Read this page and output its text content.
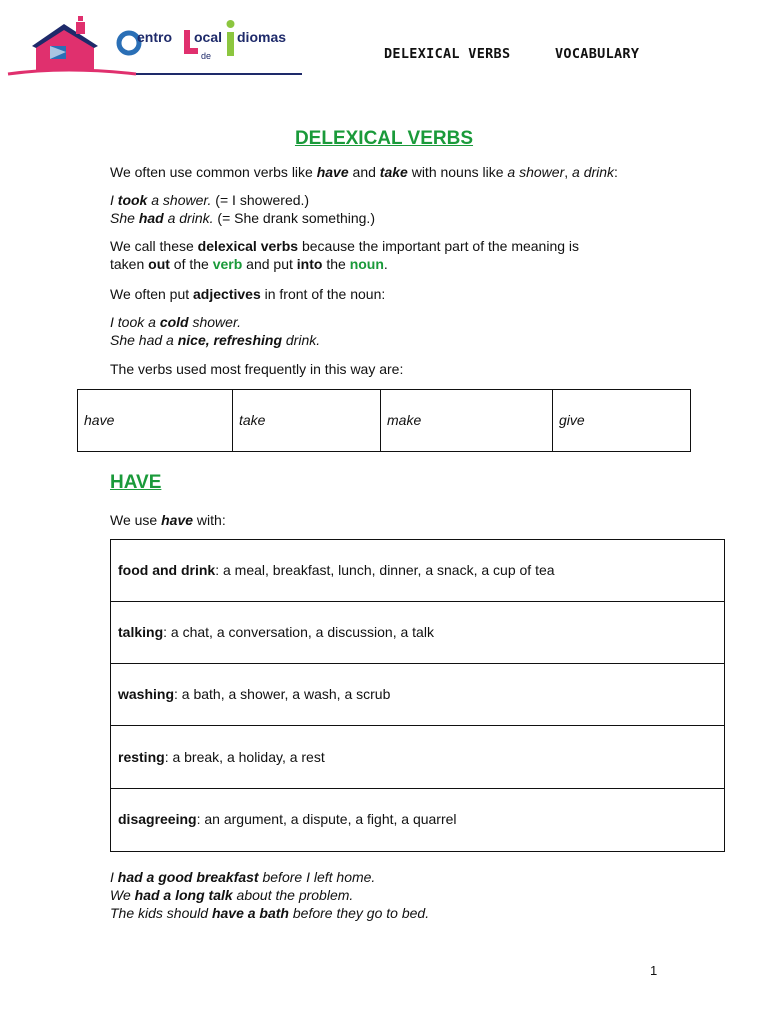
entro ocal
de
diomas
DELEXICAL VERBS	VOCABULARY
DELEXICAL VERBS
We often use common verbs like have and take with nouns like a shower, a drink:
I took a shower. (= I showered.)
She had a drink. (= She drank something.)
We call these delexical verbs because the important part of the meaning is
taken out of the verb and put into the noun.
We often put adjectives in front of the noun:
I took a cold shower.
She had a nice, refreshing drink.
The verbs used most frequently in this way are:
have	take	make	give
HAVE
We use have with:
food and drink: a meal, breakfast, lunch, dinner, a snack, a cup of tea
talking: a chat, a conversation, a discussion, a talk
washing: a bath, a shower, a wash, a scrub
resting: a break, a holiday, a rest
disagreeing: an argument, a dispute, a fight, a quarrel
I had a good breakfast before I left home.
We had a long talk about the problem.
The kids should have a bath before they go to bed.
1
